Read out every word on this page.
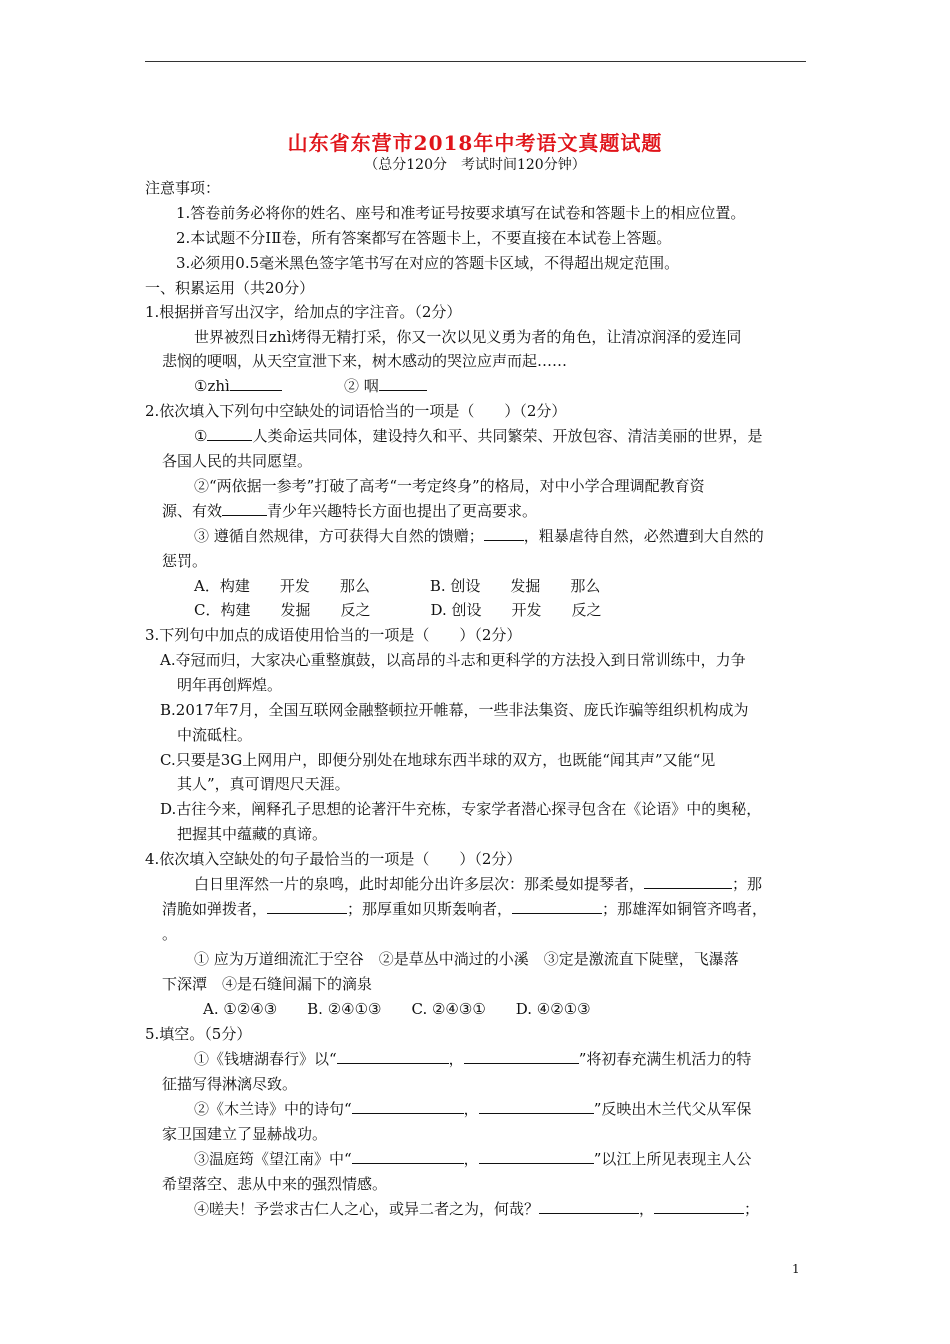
山东省东营市2018年中考语文真题试题
（总分120分　考试时间120分钟）
注意事项：
1.答卷前务必将你的姓名、座号和准考证号按要求填写在试卷和答题卡上的相应位置。
2.本试题不分ⅠⅡ卷，所有答案都写在答题卡上，不要直接在本试卷上答题。
3.必须用0.5毫米黑色签字笔书写在对应的答题卡区域，不得超出规定范围。
一、积累运用（共20分）
1.根据拼音写出汉字，给加点的字注音。（2分）
世界被烈日zhì烤得无精打采，你又一次以见义勇为者的角色，让清凉润泽的爱连同
悲悯的哽咽，从天空宣泄下来，树木感动的哭泣应声而起……
①zhì	② 咽
2.依次填入下列句中空缺处的词语恰当的一项是（　　）（2分）
①	人类命运共同体，建设持久和平、共同繁荣、开放包容、清洁美丽的世界，是
各国人民的共同愿望。
②“两依据一参考”打破了高考“一考定终身”的格局，对中小学合理调配教育资
源、有效	青少年兴趣特长方面也提出了更高要求。
③ 遵循自然规律，方可获得大自然的馈赠；	，粗暴虐待自然，必然遭到大自然的
惩罚。
A．构建　　开发　　那么　　　　B. 创设　　发掘　　那么
C．构建　　发掘　　反之　　　　D. 创设　　开发　　反之
3.下列句中加点的成语使用恰当的一项是（　　）（2分）
A.夺冠而归，大家决心重整旗鼓，以高昂的斗志和更科学的方法投入到日常训练中，力争
明年再创辉煌。
B.2017年7月，全国互联网金融整顿拉开帷幕，一些非法集资、庞氏诈骗等组织机构成为
中流砥柱。
C.只要是3G上网用户，即便分别处在地球东西半球的双方，也既能“闻其声”又能“见
其人”，真可谓咫尺天涯。
D.古往今来，阐释孔子思想的论著汗牛充栋，专家学者潜心探寻包含在《论语》中的奥秘，
把握其中蕴藏的真谛。
4.依次填入空缺处的句子最恰当的一项是（　　）（2分）
白日里浑然一片的泉鸣，此时却能分出许多层次：那柔曼如提琴者，	；那
清脆如弹拨者，	；那厚重如贝斯轰响者，	；那雄浑如铜管齐鸣者，
。
① 应为万道细流汇于空谷　②是草丛中淌过的小溪　③定是激流直下陡壁，飞瀑落
下深潭　④是石缝间漏下的滴泉
A. ①②④③　　B. ②④①③　　C. ②④③①　　D. ④②①③
5.填空。（5分）
①《钱塘湖春行》以“	，	”将初春充满生机活力的特
征描写得淋漓尽致。
②《木兰诗》中的诗句“	，	”反映出木兰代父从军保
家卫国建立了显赫战功。
③温庭筠《望江南》中“	，	”以江上所见表现主人公
希望落空、悲从中来的强烈情感。
④嗟夫！予尝求古仁人之心，或异二者之为，何哉？	，	；
1
